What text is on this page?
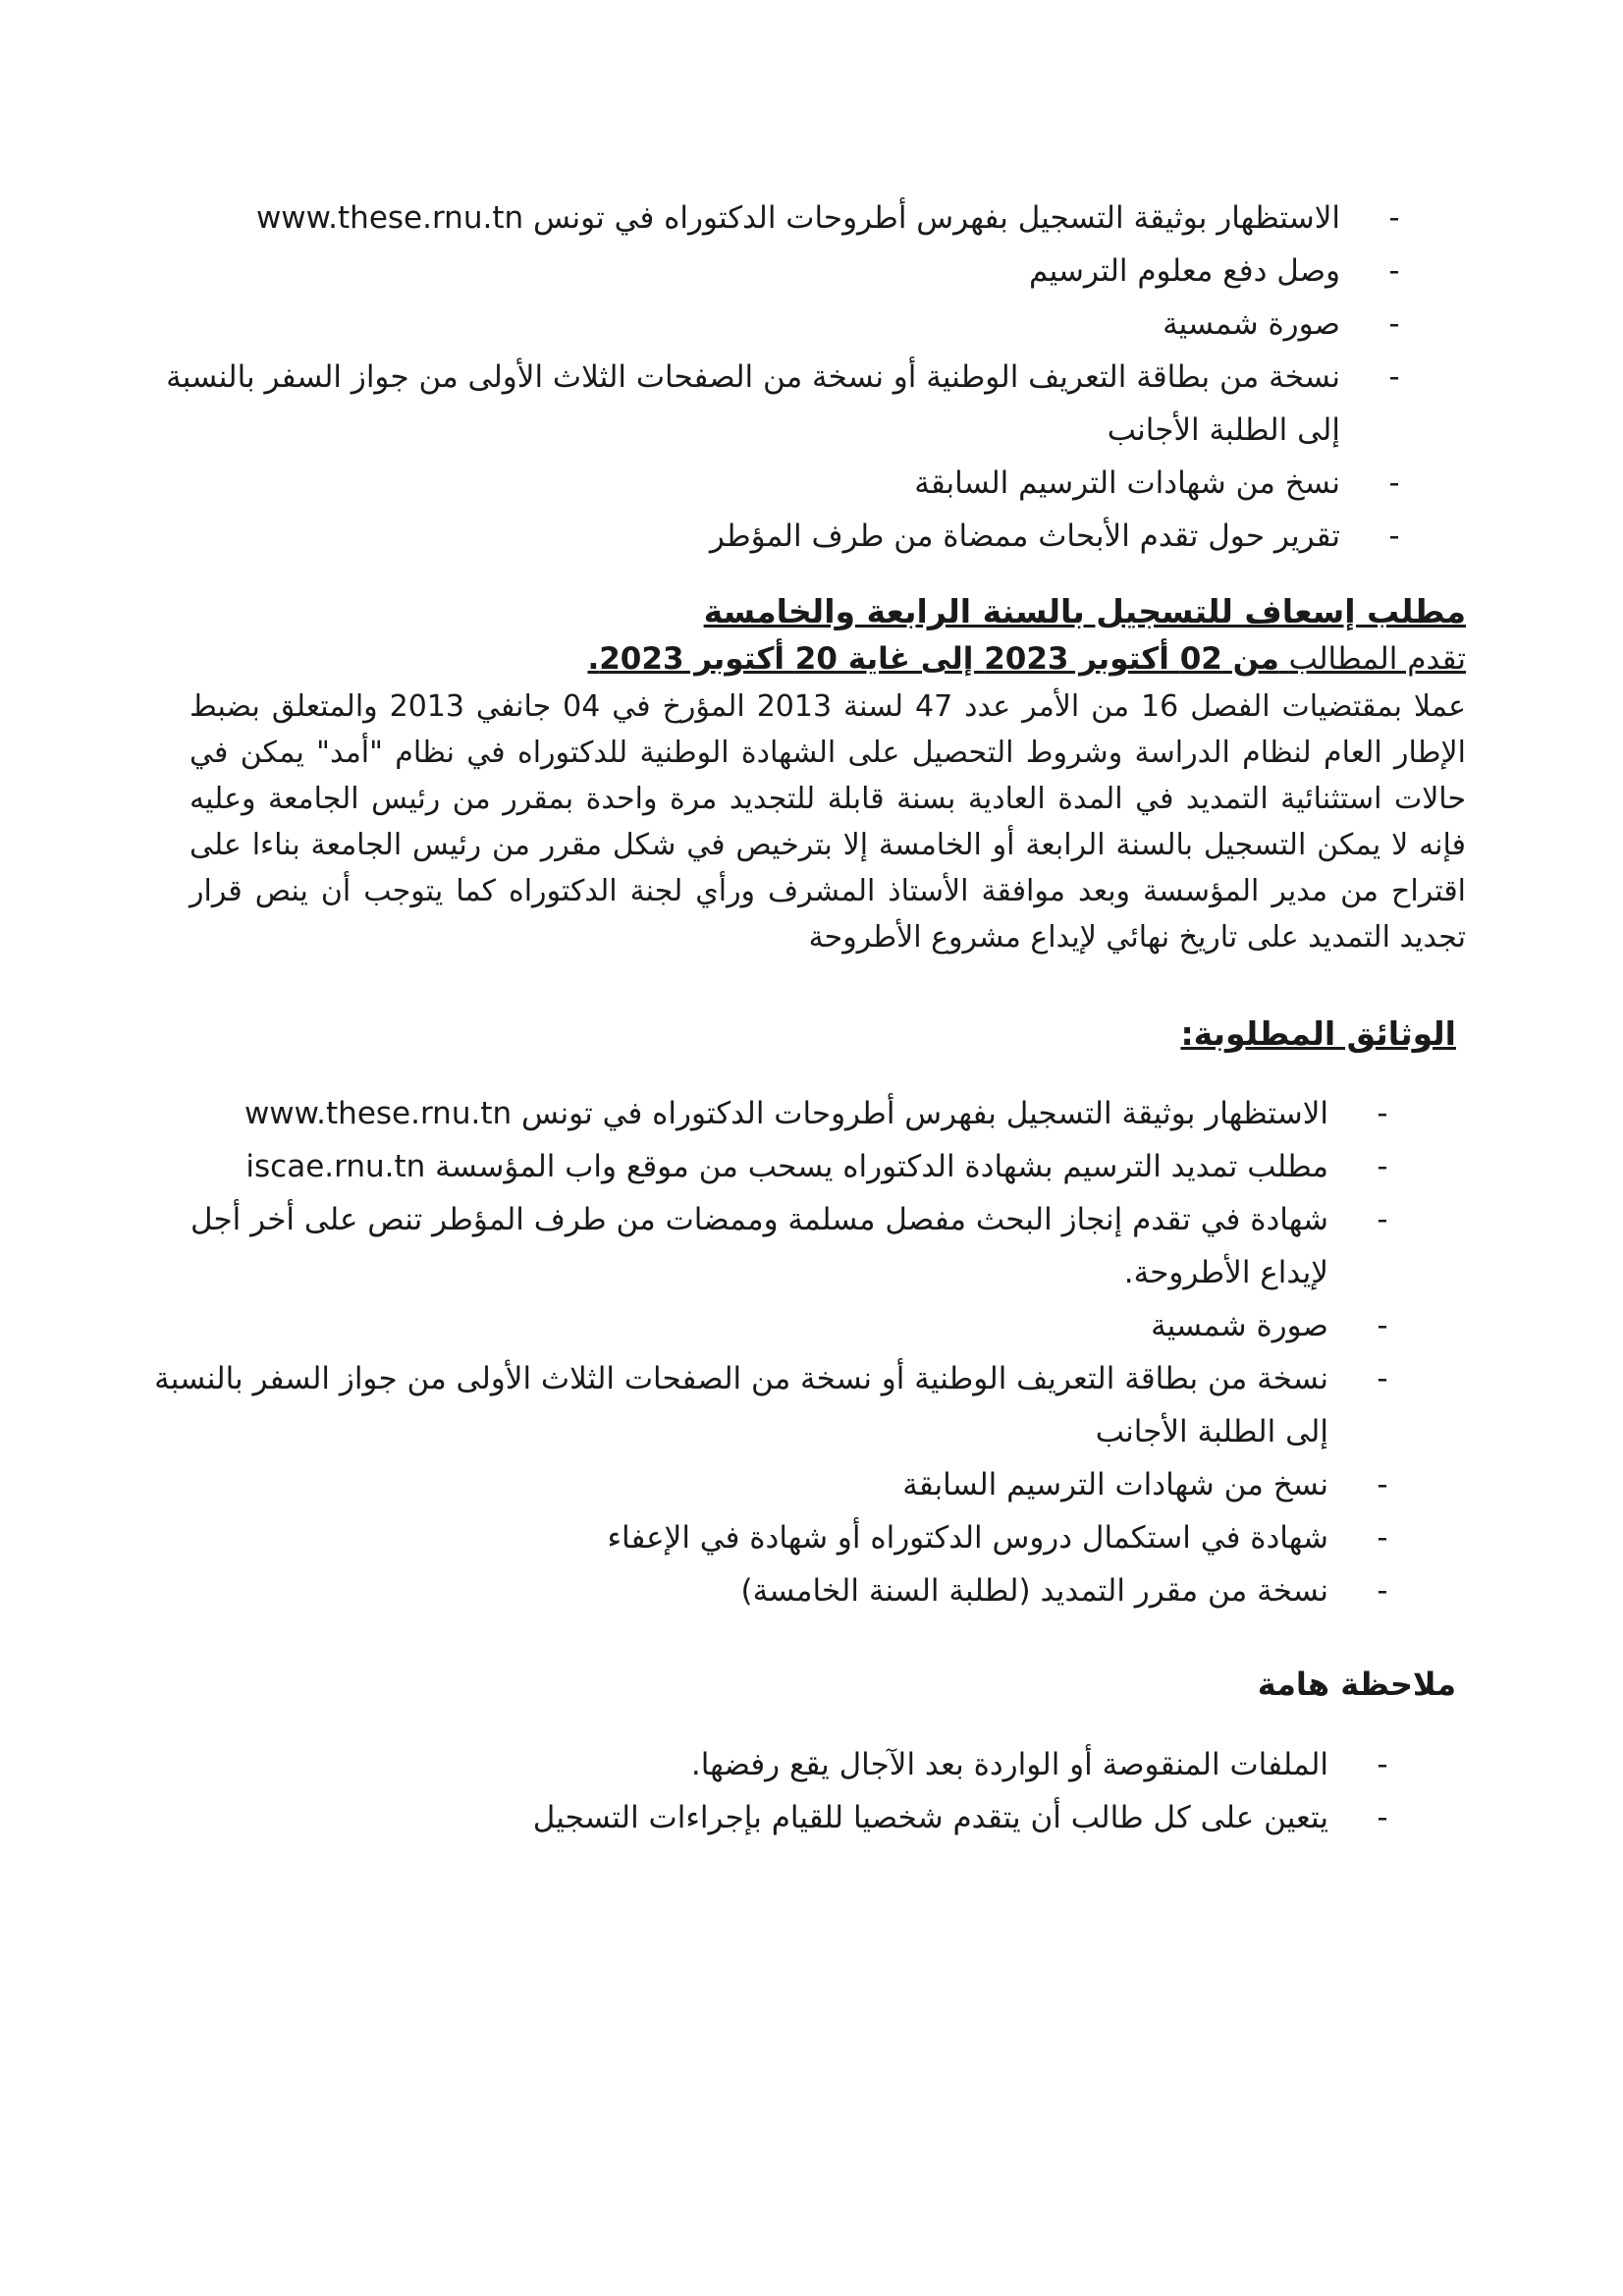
-
الاستظهار بوثيقة التسجيل بفهرس أطروحات الدكتوراه في تونس www.these.rnu.tn
-
وصل دفع معلوم الترسيم
-
صورة شمسية
-
نسخة من بطاقة التعريف الوطنية أو نسخة من الصفحات الثلاث الأولى من جواز السفر بالنسبة إلى الطلبة الأجانب
-
نسخ من شهادات الترسيم السابقة
-
تقرير حول تقدم الأبحاث ممضاة من طرف المؤطر
مطلب إسعاف للتسجيل بالسنة الرابعة والخامسة
تقدم المطالب من 02 أكتوبر 2023 إلى غاية 20 أكتوبر 2023.
عملا بمقتضيات الفصل 16 من الأمر عدد 47 لسنة 2013 المؤرخ في 04 جانفي 2013 والمتعلق بضبط الإطار العام لنظام الدراسة وشروط التحصيل على الشهادة الوطنية للدكتوراه في نظام "أمد" يمكن في حالات استثنائية التمديد في المدة العادية بسنة قابلة للتجديد مرة واحدة بمقرر من رئيس الجامعة وعليه فإنه لا يمكن التسجيل بالسنة الرابعة أو الخامسة إلا بترخيص في شكل مقرر من رئيس الجامعة بناءا على اقتراح من مدير المؤسسة وبعد موافقة الأستاذ المشرف ورأي لجنة الدكتوراه كما يتوجب أن ينص قرار تجديد التمديد على تاريخ نهائي لإيداع مشروع الأطروحة
الوثائق المطلوبة:
-
الاستظهار بوثيقة التسجيل بفهرس أطروحات الدكتوراه في تونس www.these.rnu.tn
-
مطلب تمديد الترسيم بشهادة الدكتوراه يسحب من موقع واب المؤسسة iscae.rnu.tn
-
شهادة في تقدم إنجاز البحث مفصل مسلمة وممضات من طرف المؤطر تنص على أخر أجل لإيداع الأطروحة.
-
صورة شمسية
-
نسخة من بطاقة التعريف الوطنية أو نسخة من الصفحات الثلاث الأولى من جواز السفر بالنسبة إلى الطلبة الأجانب
-
نسخ من شهادات الترسيم السابقة
-
شهادة في استكمال دروس الدكتوراه أو شهادة في الإعفاء
-
نسخة من مقرر التمديد (لطلبة السنة الخامسة)
ملاحظة هامة
-
الملفات المنقوصة أو الواردة بعد الآجال يقع رفضها.
-
يتعين على كل طالب أن يتقدم شخصيا للقيام بإجراءات التسجيل
